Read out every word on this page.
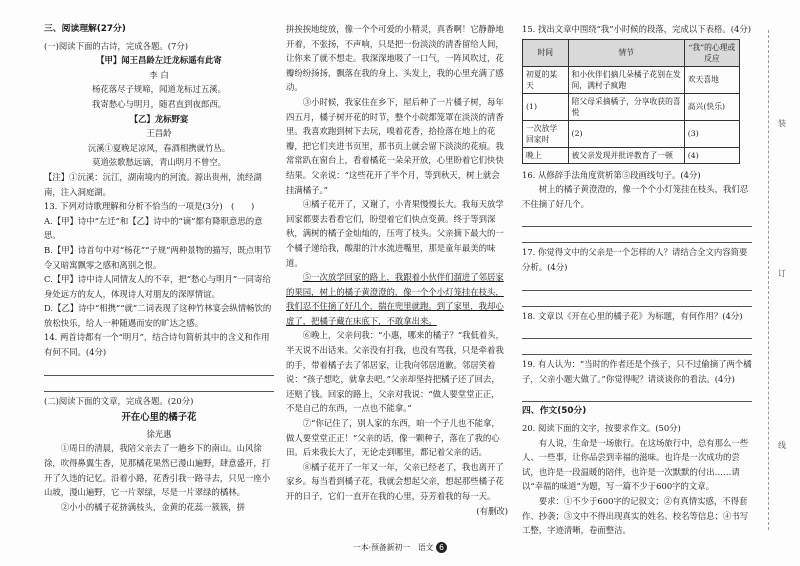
三、阅读理解(27分)

(一)阅读下面的古诗，完成各题。(7分)

【甲】闻王昌龄左迁龙标遥有此寄

李 白

杨花落尽子规啼，闻道龙标过五溪。

我寄愁心与明月，随君直到夜郎西。

【乙】龙标野宴

王昌龄

沅溪①夏晚足凉风，春酒相携就竹丛。

莫道弦歌愁远谪，青山明月不曾空。

【注】①沅溪：沅江，湖南境内的河流。源出贵州，流经湖南，注入洞庭湖。

13. 下列对诗歌理解和分析不恰当的一项是(3分)　(　　)

A.【甲】诗中“左迁”和【乙】诗中的“谪”都有降职意思的意思。

B.【甲】诗首句中对“杨花”“子规”两种景物的描写，既点明节令又暗寓飘零之感和离别之恨。

C.【甲】诗中诗人同情友人的不幸，把“愁心与明月”一同寄给身处远方的友人，体现诗人对朋友的深厚情谊。

D.【乙】诗中“相携”“就”二词表现了这种竹林宴会纵情畅饮的放松快乐，给人一种随遇而安的旷达之感。

14. 两首诗都有一个“明月”，结合诗句简析其中的含义和作用有何不同。(4分)

(二)阅读下面的文章，完成各题。(20分)

开在心里的橘子花

徐光惠

①周日的清晨，我陪父亲去了一趟乡下的南山。山风徐徐，吹得鼻翼生香，见那橘花果然已漫山遍野，肆意盛开，打开了久违的记忆。沿着小路，花香引我一路寻去，只见一座小山坡，漫山遍野，它一片翠绿，尽是一片翠绿的橘林。

②小小的橘子花挤满枝头，金黄的花蕊一簇簇，拼

拼挨挨地绽放，像一个个可爱的小精灵，真香啊！它静静地开着，不张扬，不声响，只是把一份淡淡的清香留给人间，让你来了就不想走。我深深地吸了一口气，一阵风吹过，花瓣纷纷扬扬，飘落在我的身上、头发上，我的心里充满了感动。

③小时候，我家住在乡下，屋后种了一片橘子树，每年四五月，橘子树开花的时节，整个小院都笼罩在淡淡的清香里。我喜欢跑到树下去玩，嗅着花香，拾捡落在地上的花瓣，把它们夹进书页里，那书页上就会留下淡淡的花痕。我常常趴在窗台上，看着橘花一朵朵开放，心里盼着它们快快结果。父亲说：“这些花开了半个月，等到秋天，树上就会挂满橘子。”

④橘子花开了，又谢了，小青果慢慢长大。我每天放学回家都要去看看它们，盼望着它们快点变黄。终于等到深秋，满树的橘子金灿灿的，压弯了枝头。父亲摘下最大的一个橘子递给我，酸甜的汁水流进嘴里，那是童年最美的味道。

⑤一次放学回家的路上，我跟着小伙伴们溜进了邻居家的果园，树上的橘子黄澄澄的，像一个个小灯笼挂在枝头，我们忍不住摘了好几个，揣在兜里就跑。到了家里，我却心虚了，把橘子藏在床底下，不敢拿出来。

⑥晚上，父亲问我：“小惠，哪来的橘子？”我低着头，半天说不出话来。父亲没有打我，也没有骂我，只是牵着我的手，带着橘子去了邻居家，让我向邻居道歉。邻居笑着说：“孩子想吃，就拿去吧。”父亲却坚持把橘子还了回去，还赔了钱。回家的路上，父亲对我说：“做人要堂堂正正，不是自己的东西，一点也不能拿。”

⑦“你记住了，别人家的东西，咱一个子儿也不能拿，做人要堂堂正正！”父亲的话，像一颗种子，落在了我的心田。后来我长大了，无论走到哪里，都记着父亲的话。

⑧橘子花开了一年又一年，父亲已经老了，我也离开了家乡。每当看到橘子花，我就会想起父亲，想起那些橘子花开的日子，它们一直开在我的心里，芬芳着我的每一天。

(有删改)

15. 找出文章中围绕“我”小时候的段落，完成以下表格。(4分)

时间	情节	“我”的心理或反应
初夏的某天	和小伙伴们摘几朵橘子花别在发间，满村子疯跑	欢天喜地
(1)	陪父母采摘橘子，分享收获的喜悦	高兴(快乐)
一次放学回家时	(2)	(3)
晚上	被父亲发现并批评教育了一顿	(4)

16. 从修辞手法角度赏析第⑤段画线句子。(4分)

树上的橘子黄澄澄的，像一个个小灯笼挂在枝头，我们忍不住摘了好几个。

17. 你觉得文中的父亲是一个怎样的人？请结合全文内容简要分析。(4分)

18. 文章以《开在心里的橘子花》为标题，有何作用？(4分)

19. 有人认为：“当时的作者还是个孩子，只不过偷摘了两个橘子，父亲小题大做了。”你觉得呢？请谈谈你的看法。(4分)

四、作文(50分)

20. 阅读下面的文字，按要求作文。(50分)

有人说，生命是一场旅行。在这场旅行中，总有那么一些人、一些事，让你品尝到幸福的滋味。也许是一次成功的尝试，也许是一段温暖的陪伴，也许是一次默默的付出……请以“幸福的味道”为题，写一篇不少于600字的文章。

要求：①不少于600字的记叙文；②有真情实感，不得套作、抄袭；③文中不得出现真实的姓名、校名等信息；④书写工整，字迹清晰，卷面整洁。

装
订
线
一本·预备新初一　语文 6
